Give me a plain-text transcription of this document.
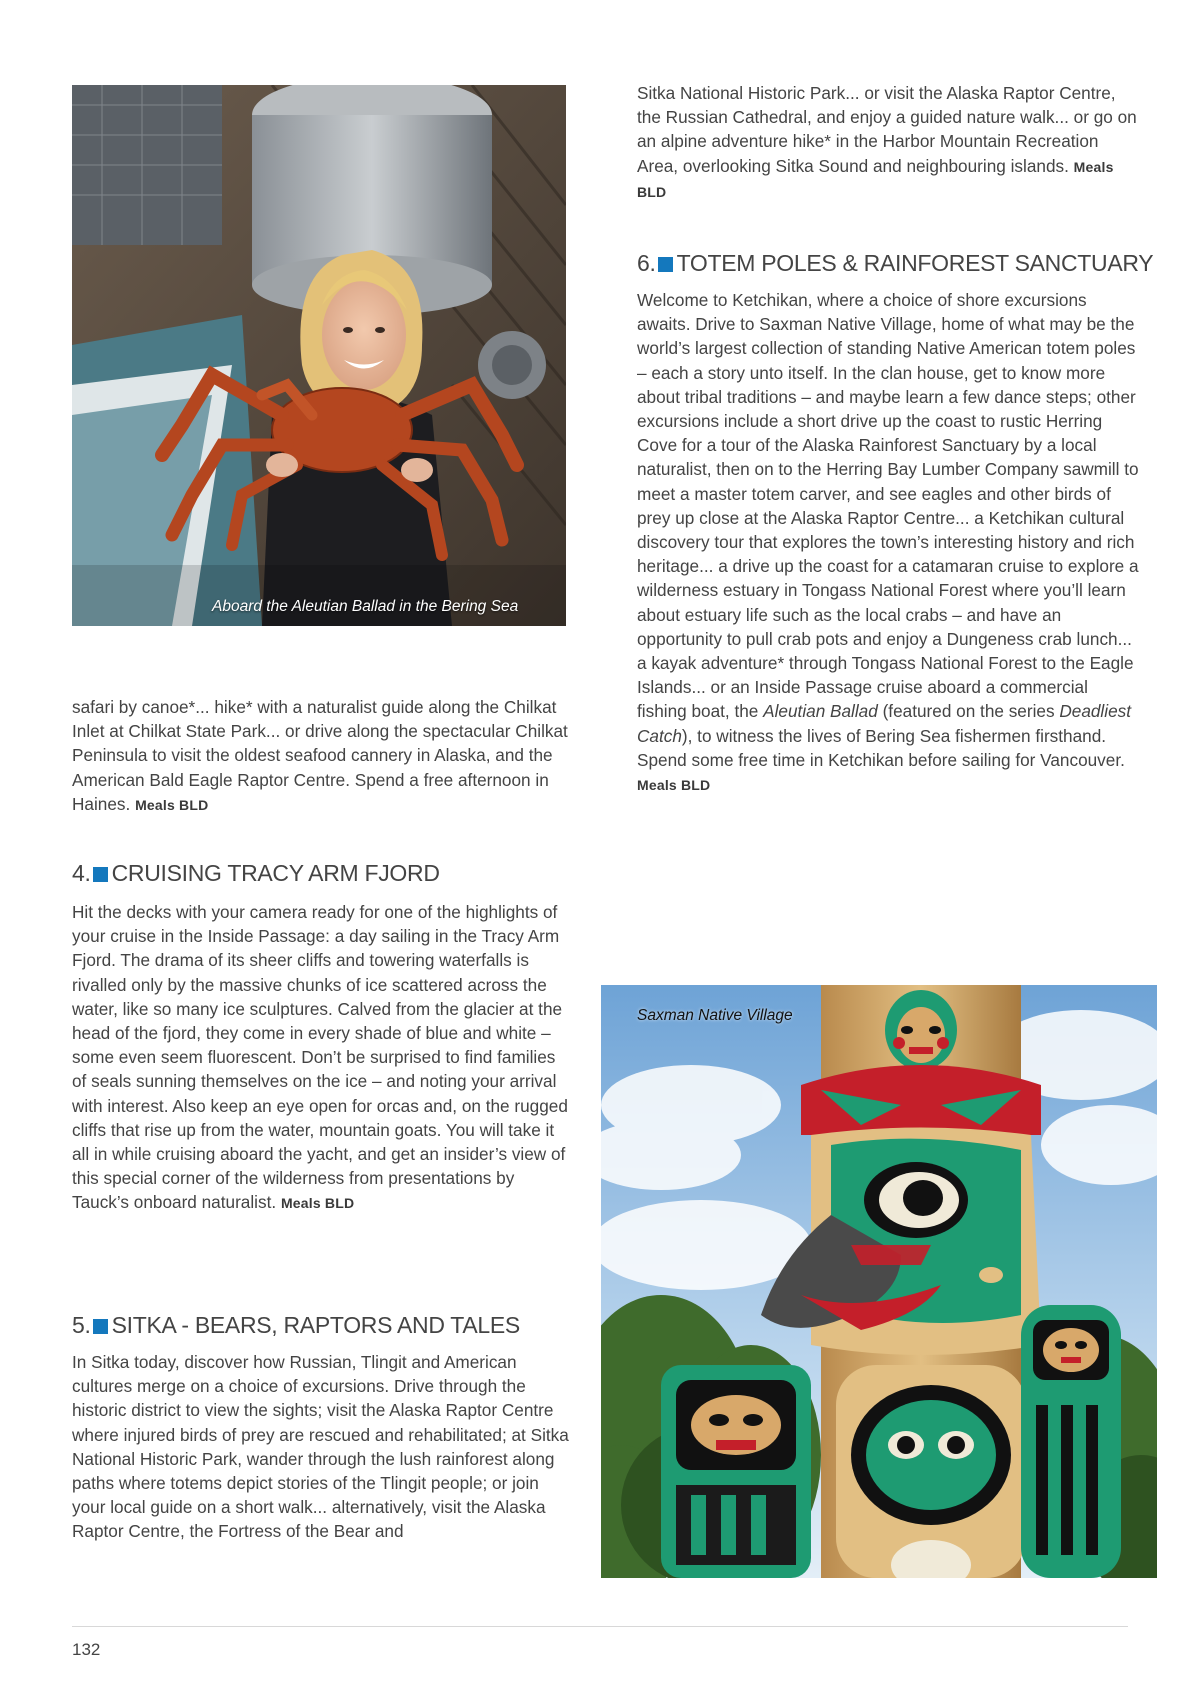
Aboard the Aleutian Ballad in the Bering Sea

safari by canoe*... hike* with a naturalist guide along the Chilkat Inlet at Chilkat State Park... or drive along the spectacular Chilkat Peninsula to visit the oldest seafood cannery in Alaska, and the American Bald Eagle Raptor Centre. Spend a free afternoon in Haines. Meals BLD

4. CRUISING TRACY ARM FJORD

Hit the decks with your camera ready for one of the highlights of your cruise in the Inside Passage: a day sailing in the Tracy Arm Fjord. The drama of its sheer cliffs and towering waterfalls is rivalled only by the massive chunks of ice scattered across the water, like so many ice sculptures. Calved from the glacier at the head of the fjord, they come in every shade of blue and white – some even seem fluorescent. Don’t be surprised to find families of seals sunning themselves on the ice – and noting your arrival with interest. Also keep an eye open for orcas and, on the rugged cliffs that rise up from the water, mountain goats. You will take it all in while cruising aboard the yacht, and get an insider’s view of this special corner of the wilderness from presentations by Tauck’s onboard naturalist. Meals BLD

5. SITKA - BEARS, RAPTORS AND TALES

In Sitka today, discover how Russian, Tlingit and American cultures merge on a choice of excursions. Drive through the historic district to view the sights; visit the Alaska Raptor Centre where injured birds of prey are rescued and rehabilitated; at Sitka National Historic Park, wander through the lush rainforest along paths where totems depict stories of the Tlingit people; or join your local guide on a short walk... alternatively, visit the Alaska Raptor Centre, the Fortress of the Bear and

Sitka National Historic Park... or visit the Alaska Raptor Centre, the Russian Cathedral, and enjoy a guided nature walk... or go on an alpine adventure hike* in the Harbor Mountain Recreation Area, overlooking Sitka Sound and neighbouring islands. Meals BLD

6. TOTEM POLES & RAINFOREST SANCTUARY

Welcome to Ketchikan, where a choice of shore excursions awaits. Drive to Saxman Native Village, home of what may be the world’s largest collection of standing Native American totem poles – each a story unto itself. In the clan house, get to know more about tribal traditions – and maybe learn a few dance steps; other excursions include a short drive up the coast to rustic Herring Cove for a tour of the Alaska Rainforest Sanctuary by a local naturalist, then on to the Herring Bay Lumber Company sawmill to meet a master totem carver, and see eagles and other birds of prey up close at the Alaska Raptor Centre... a Ketchikan cultural discovery tour that explores the town’s interesting history and rich heritage... a drive up the coast for a catamaran cruise to explore a wilderness estuary in Tongass National Forest where you’ll learn about estuary life such as the local crabs – and have an opportunity to pull crab pots and enjoy a Dungeness crab lunch... a kayak adventure* through Tongass National Forest to the Eagle Islands... or an Inside Passage cruise aboard a commercial fishing boat, the Aleutian Ballad (featured on the series Deadliest Catch), to witness the lives of Bering Sea fishermen firsthand. Spend some free time in Ketchikan before sailing for Vancouver. Meals BLD

Saxman Native Village
132
